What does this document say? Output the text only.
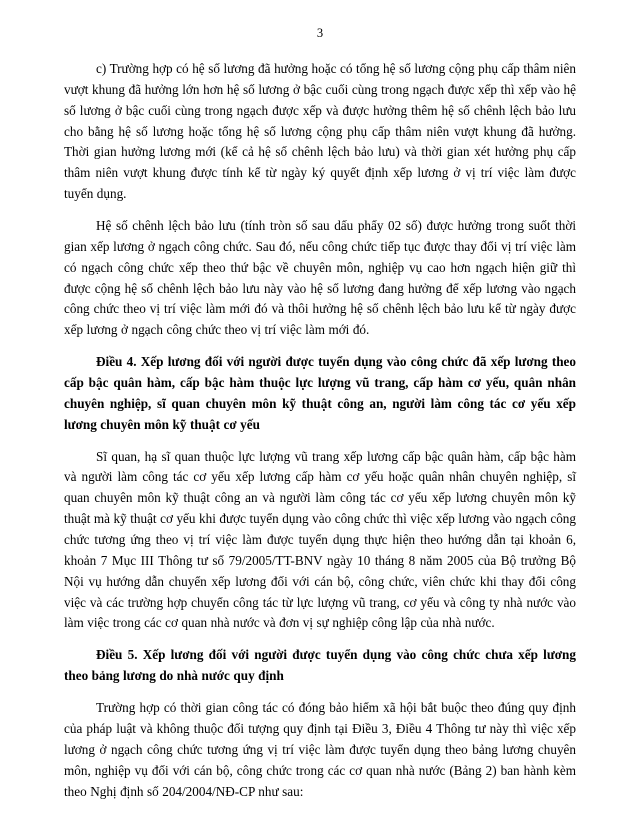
3

c) Trường hợp có hệ số lương đã hưởng hoặc có tổng hệ số lương cộng phụ cấp thâm niên vượt khung đã hưởng lớn hơn hệ số lương ở bậc cuối cùng trong ngạch được xếp thì xếp vào hệ số lương ở bậc cuối cùng trong ngạch được xếp và được hưởng thêm hệ số chênh lệch bảo lưu cho bằng hệ số lương hoặc tổng hệ số lương cộng phụ cấp thâm niên vượt khung đã hưởng. Thời gian hưởng lương mới (kể cả hệ số chênh lệch bảo lưu) và thời gian xét hưởng phụ cấp thâm niên vượt khung được tính kể từ ngày ký quyết định xếp lương ở vị trí việc làm được tuyển dụng.

Hệ số chênh lệch bảo lưu (tính tròn số sau dấu phẩy 02 số) được hưởng trong suốt thời gian xếp lương ở ngạch công chức. Sau đó, nếu công chức tiếp tục được thay đổi vị trí việc làm có ngạch công chức xếp theo thứ bậc về chuyên môn, nghiệp vụ cao hơn ngạch hiện giữ thì được cộng hệ số chênh lệch bảo lưu này vào hệ số lương đang hưởng để xếp lương vào ngạch công chức theo vị trí việc làm mới đó và thôi hưởng hệ số chênh lệch bảo lưu kể từ ngày được xếp lương ở ngạch công chức theo vị trí việc làm mới đó.

Điều 4. Xếp lương đối với người được tuyển dụng vào công chức đã xếp lương theo cấp bậc quân hàm, cấp bậc hàm thuộc lực lượng vũ trang, cấp hàm cơ yếu, quân nhân chuyên nghiệp, sĩ quan chuyên môn kỹ thuật công an, người làm công tác cơ yếu xếp lương chuyên môn kỹ thuật cơ yếu

Sĩ quan, hạ sĩ quan thuộc lực lượng vũ trang xếp lương cấp bậc quân hàm, cấp bậc hàm và người làm công tác cơ yếu xếp lương cấp hàm cơ yếu hoặc quân nhân chuyên nghiệp, sĩ quan chuyên môn kỹ thuật công an và người làm công tác cơ yếu xếp lương chuyên môn kỹ thuật mà kỹ thuật cơ yếu khi được tuyển dụng vào công chức thì việc xếp lương vào ngạch công chức tương ứng theo vị trí việc làm được tuyển dụng thực hiện theo hướng dẫn tại khoản 6, khoản 7 Mục III Thông tư số 79/2005/TT-BNV ngày 10 tháng 8 năm 2005 của Bộ trưởng Bộ Nội vụ hướng dẫn chuyển xếp lương đối với cán bộ, công chức, viên chức khi thay đổi công việc và các trường hợp chuyển công tác từ lực lượng vũ trang, cơ yếu và công ty nhà nước vào làm việc trong các cơ quan nhà nước và đơn vị sự nghiệp công lập của nhà nước.

Điều 5. Xếp lương đối với người được tuyển dụng vào công chức chưa xếp lương theo bảng lương do nhà nước quy định

Trường hợp có thời gian công tác có đóng bảo hiểm xã hội bắt buộc theo đúng quy định của pháp luật và không thuộc đối tượng quy định tại Điều 3, Điều 4 Thông tư này thì việc xếp lương ở ngạch công chức tương ứng vị trí việc làm được tuyển dụng theo bảng lương chuyên môn, nghiệp vụ đối với cán bộ, công chức trong các cơ quan nhà nước (Bảng 2) ban hành kèm theo Nghị định số 204/2004/NĐ-CP như sau:
